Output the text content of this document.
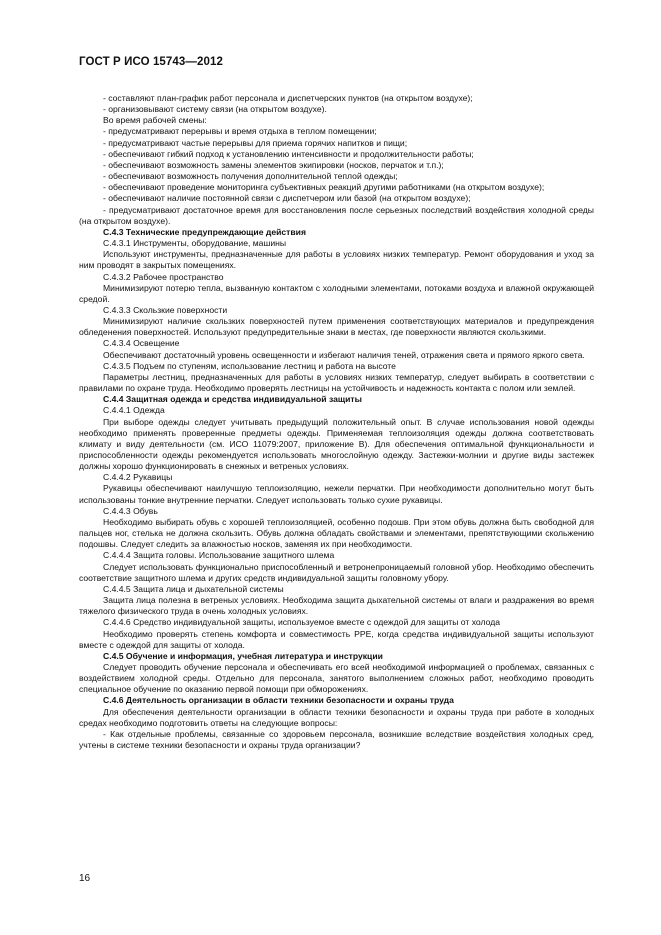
ГОСТ Р ИСО 15743—2012

- составляют план-график работ персонала и диспетчерских пунктов (на открытом воздухе);

- организовывают систему связи (на открытом воздухе).

Во время рабочей смены:

- предусматривают перерывы и время отдыха в теплом помещении;

- предусматривают частые перерывы для приема горячих напитков и пищи;

- обеспечивают гибкий подход к установлению интенсивности и продолжительности работы;

- обеспечивают возможность замены элементов экипировки (носков, перчаток и т.п.);

- обеспечивают возможность получения дополнительной теплой одежды;

- обеспечивают проведение мониторинга субъективных реакций другими работниками (на открытом воздухе);

- обеспечивают наличие постоянной связи с диспетчером или базой (на открытом воздухе);

- предусматривают достаточное время для восстановления после серьезных последствий воздействия холодной среды (на открытом воздухе).

С.4.3 Технические предупреждающие действия

С.4.3.1 Инструменты, оборудование, машины

Используют инструменты, предназначенные для работы в условиях низких температур. Ремонт оборудования и уход за ним проводят в закрытых помещениях.

С.4.3.2 Рабочее пространство

Минимизируют потерю тепла, вызванную контактом с холодными элементами, потоками воздуха и влажной окружающей средой.

С.4.3.3 Скользкие поверхности

Минимизируют наличие скользких поверхностей путем применения соответствующих материалов и предупреждения обледенения поверхностей. Используют предупредительные знаки в местах, где поверхности являются скользкими.

С.4.3.4 Освещение

Обеспечивают достаточный уровень освещенности и избегают наличия теней, отражения света и прямого яркого света.

С.4.3.5 Подъем по ступеням, использование лестниц и работа на высоте

Параметры лестниц, предназначенных для работы в условиях низких температур, следует выбирать в соответствии с правилами по охране труда. Необходимо проверять лестницы на устойчивость и надежность контакта с полом или землей.

С.4.4 Защитная одежда и средства индивидуальной защиты

С.4.4.1 Одежда

При выборе одежды следует учитывать предыдущий положительный опыт. В случае использования новой одежды необходимо применять проверенные предметы одежды. Применяемая теплоизоляция одежды должна соответствовать климату и виду деятельности (см. ИСО 11079:2007, приложение В). Для обеспечения оптимальной функциональности и приспособленности одежды рекомендуется использовать многослойную одежду. Застежки-молнии и другие виды застежек должны хорошо функционировать в снежных и ветреных условиях.

С.4.4.2 Рукавицы

Рукавицы обеспечивают наилучшую теплоизоляцию, нежели перчатки. При необходимости дополнительно могут быть использованы тонкие внутренние перчатки. Следует использовать только сухие рукавицы.

С.4.4.3 Обувь

Необходимо выбирать обувь с хорошей теплоизоляцией, особенно подошв. При этом обувь должна быть свободной для пальцев ног, стелька не должна скользить. Обувь должна обладать свойствами и элементами, препятствующими скольжению подошвы. Следует следить за влажностью носков, заменяя их при необходимости.

С.4.4.4 Защита головы. Использование защитного шлема

Следует использовать функционально приспособленный и ветронепроницаемый головной убор. Необходимо обеспечить соответствие защитного шлема и других средств индивидуальной защиты головному убору.

С.4.4.5 Защита лица и дыхательной системы

Защита лица полезна в ветреных условиях. Необходима защита дыхательной системы от влаги и раздражения во время тяжелого физического труда в очень холодных условиях.

С.4.4.6 Средство индивидуальной защиты, используемое вместе с одеждой для защиты от холода

Необходимо проверять степень комфорта и совместимость PPE, когда средства индивидуальной защиты используют вместе с одеждой для защиты от холода.

С.4.5 Обучение и информация, учебная литература и инструкции

Следует проводить обучение персонала и обеспечивать его всей необходимой информацией о проблемах, связанных с воздействием холодной среды. Отдельно для персонала, занятого выполнением сложных работ, необходимо проводить специальное обучение по оказанию первой помощи при обморожениях.

С.4.6 Деятельность организации в области техники безопасности и охраны труда

Для обеспечения деятельности организации в области техники безопасности и охраны труда при работе в холодных средах необходимо подготовить ответы на следующие вопросы:

- Как отдельные проблемы, связанные со здоровьем персонала, возникшие вследствие воздействия холодных сред, учтены в системе техники безопасности и охраны труда организации?

16
